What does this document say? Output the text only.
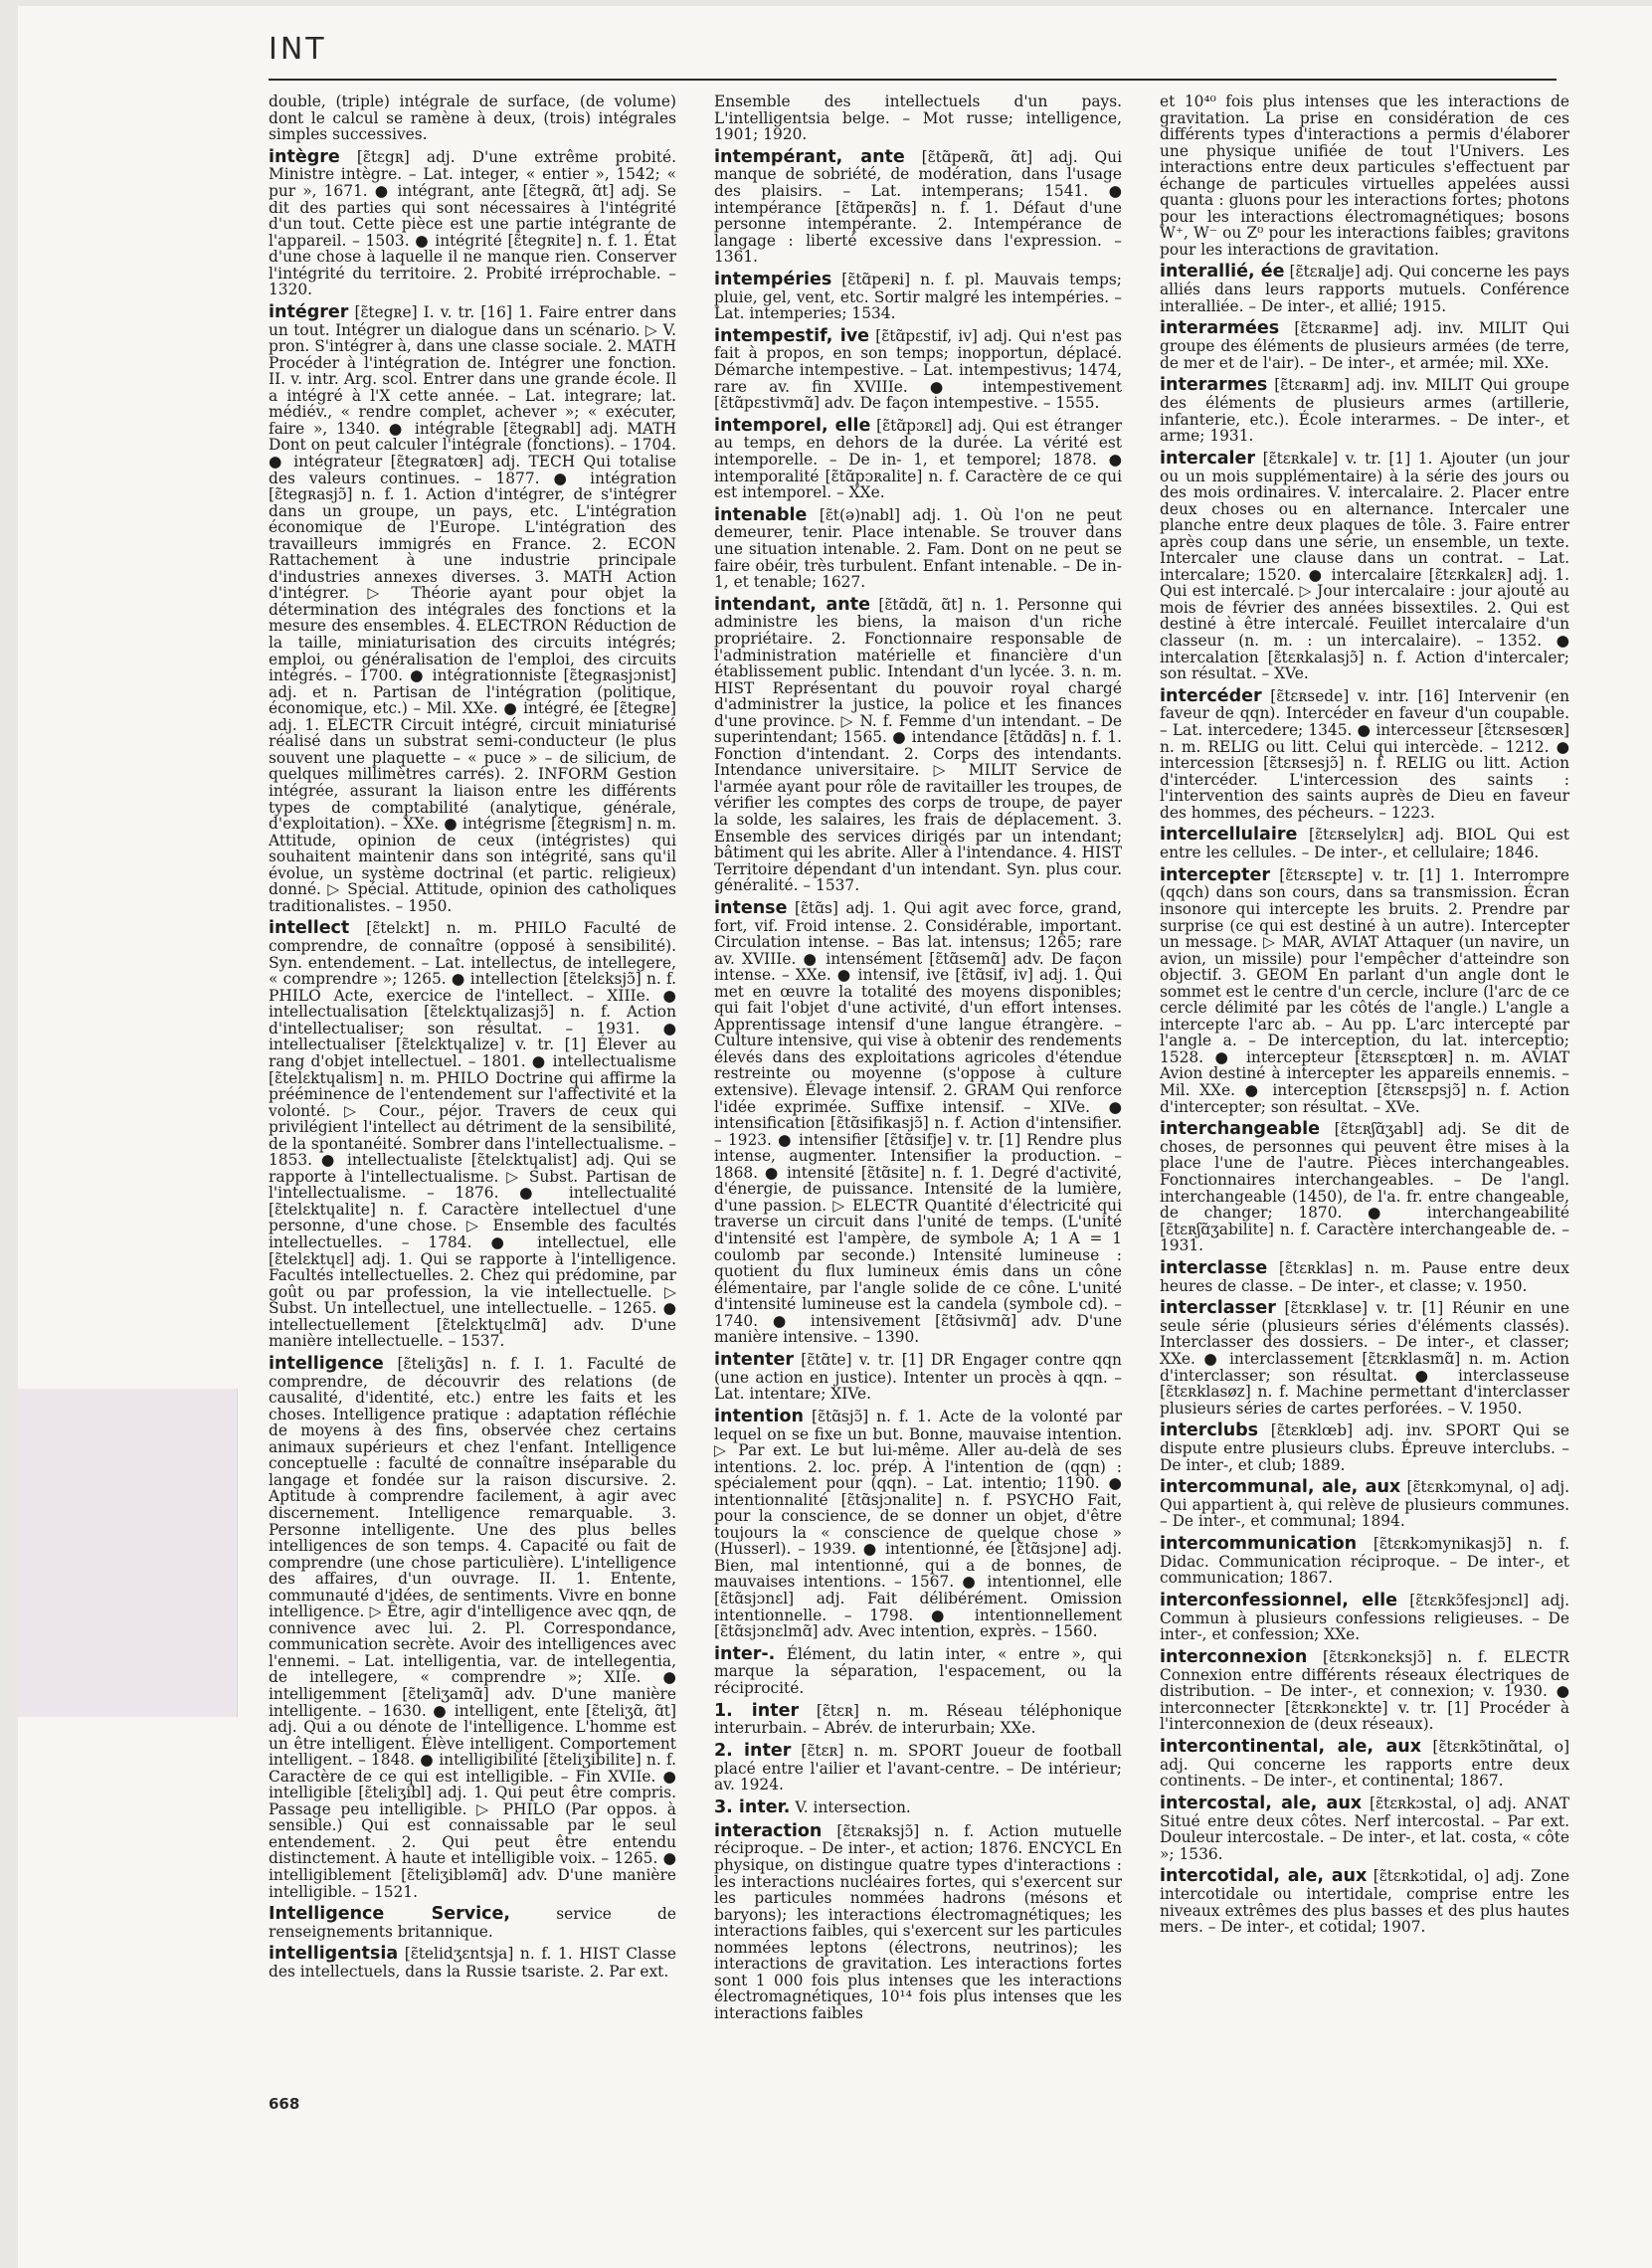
INT

double, (triple) intégrale de surface, (de volume) dont le calcul se ramène à deux, (trois) intégrales simples successives.

intègre [ɛ̃tɛgʀ] adj. D'une extrême probité. Ministre intègre. – Lat. integer, « entier », 1542; « pur », 1671. ● intégrant, ante [ɛ̃tegʀɑ̃, ɑ̃t] adj. Se dit des parties qui sont nécessaires à l'intégrité d'un tout. Cette pièce est une partie intégrante de l'appareil. – 1503. ● intégrité [ɛ̃tegʀite] n. f. 1. État d'une chose à laquelle il ne manque rien. Conserver l'intégrité du territoire. 2. Probité irréprochable. – 1320.

intégrer [ɛ̃tegʀe] I. v. tr. [16] 1. Faire entrer dans un tout. Intégrer un dialogue dans un scénario. ▷ V. pron. S'intégrer à, dans une classe sociale. 2. MATH Procéder à l'intégration de. Intégrer une fonction. II. v. intr. Arg. scol. Entrer dans une grande école. Il a intégré à l'X cette année. – Lat. integrare; lat. médiév., « rendre complet, achever »; « exécuter, faire », 1340. ● intégrable [ɛ̃tegʀabl] adj. MATH Dont on peut calculer l'intégrale (fonctions). – 1704. ● intégrateur [ɛ̃tegʀatœʀ] adj. TECH Qui totalise des valeurs continues. – 1877. ● intégration [ɛ̃tegʀasjɔ̃] n. f. 1. Action d'intégrer, de s'intégrer dans un groupe, un pays, etc. L'intégration économique de l'Europe. L'intégration des travailleurs immigrés en France. 2. ECON Rattachement à une industrie principale d'industries annexes diverses. 3. MATH Action d'intégrer. ▷ Théorie ayant pour objet la détermination des intégrales des fonctions et la mesure des ensembles. 4. ELECTRON Réduction de la taille, miniaturisation des circuits intégrés; emploi, ou généralisation de l'emploi, des circuits intégrés. – 1700. ● intégrationniste [ɛ̃tegʀasjɔnist] adj. et n. Partisan de l'intégration (politique, économique, etc.) – Mil. XXe. ● intégré, ée [ɛ̃tegʀe] adj. 1. ELECTR Circuit intégré, circuit miniaturisé réalisé dans un substrat semi-conducteur (le plus souvent une plaquette – « puce » – de silicium, de quelques millimètres carrés). 2. INFORM Gestion intégrée, assurant la liaison entre les différents types de comptabilité (analytique, générale, d'exploitation). – XXe. ● intégrisme [ɛ̃tegʀism] n. m. Attitude, opinion de ceux (intégristes) qui souhaitent maintenir dans son intégrité, sans qu'il évolue, un système doctrinal (et partic. religieux) donné. ▷ Spécial. Attitude, opinion des catholiques traditionalistes. – 1950.

intellect [ɛ̃telɛkt] n. m. PHILO Faculté de comprendre, de connaître (opposé à sensibilité). Syn. entendement. – Lat. intellectus, de intellegere, « comprendre »; 1265. ● intellection [ɛ̃telɛksjɔ̃] n. f. PHILO Acte, exercice de l'intellect. – XIIIe. ● intellectualisation [ɛ̃telɛktɥalizasjɔ̃] n. f. Action d'intellectualiser; son résultat. – 1931. ● intellectualiser [ɛ̃telɛktɥalize] v. tr. [1] Élever au rang d'objet intellectuel. – 1801. ● intellectualisme [ɛ̃telɛktɥalism] n. m. PHILO Doctrine qui affirme la prééminence de l'entendement sur l'affectivité et la volonté. ▷ Cour., péjor. Travers de ceux qui privilégient l'intellect au détriment de la sensibilité, de la spontanéité. Sombrer dans l'intellectualisme. – 1853. ● intellectualiste [ɛ̃telɛktɥalist] adj. Qui se rapporte à l'intellectualisme. ▷ Subst. Partisan de l'intellectualisme. – 1876. ● intellectualité [ɛ̃telɛktɥalite] n. f. Caractère intellectuel d'une personne, d'une chose. ▷ Ensemble des facultés intellectuelles. – 1784. ● intellectuel, elle [ɛ̃telɛktɥɛl] adj. 1. Qui se rapporte à l'intelligence. Facultés intellectuelles. 2. Chez qui prédomine, par goût ou par profession, la vie intellectuelle. ▷ Subst. Un intellectuel, une intellectuelle. – 1265. ● intellectuellement [ɛ̃telɛktɥɛlmɑ̃] adv. D'une manière intellectuelle. – 1537.

intelligence [ɛ̃teliʒɑ̃s] n. f. I. 1. Faculté de comprendre, de découvrir des relations (de causalité, d'identité, etc.) entre les faits et les choses. Intelligence pratique : adaptation réfléchie de moyens à des fins, observée chez certains animaux supérieurs et chez l'enfant. Intelligence conceptuelle : faculté de connaître inséparable du langage et fondée sur la raison discursive. 2. Aptitude à comprendre facilement, à agir avec discernement. Intelligence remarquable. 3. Personne intelligente. Une des plus belles intelligences de son temps. 4. Capacité ou fait de comprendre (une chose particulière). L'intelligence des affaires, d'un ouvrage. II. 1. Entente, communauté d'idées, de sentiments. Vivre en bonne intelligence. ▷ Être, agir d'intelligence avec qqn, de connivence avec lui. 2. Pl. Correspondance, communication secrète. Avoir des intelligences avec l'ennemi. – Lat. intelligentia, var. de intellegentia, de intellegere, « comprendre »; XIIe. ● intelligemment [ɛ̃teliʒamɑ̃] adv. D'une manière intelligente. – 1630. ● intelligent, ente [ɛ̃teliʒɑ̃, ɑ̃t] adj. Qui a ou dénote de l'intelligence. L'homme est un être intelligent. Élève intelligent. Comportement intelligent. – 1848. ● intelligibilité [ɛ̃teliʒibilite] n. f. Caractère de ce qui est intelligible. – Fin XVIIe. ● intelligible [ɛ̃teliʒibl] adj. 1. Qui peut être compris. Passage peu intelligible. ▷ PHILO (Par oppos. à sensible.) Qui est connaissable par le seul entendement. 2. Qui peut être entendu distinctement. À haute et intelligible voix. – 1265. ● intelligiblement [ɛ̃teliʒibləmɑ̃] adv. D'une manière intelligible. – 1521.

Intelligence Service,	service de renseignements britannique.

intelligentsia [ɛ̃telidʒɛntsja] n. f. 1. HIST Classe des intellectuels, dans la Russie tsariste. 2. Par ext.

Ensemble des intellectuels d'un pays. L'intelligentsia belge. – Mot russe; intelligence, 1901; 1920.

intempérant, ante [ɛ̃tɑ̃peʀɑ̃, ɑ̃t] adj. Qui manque de sobriété, de modération, dans l'usage des plaisirs. – Lat. intemperans; 1541. ● intempérance [ɛ̃tɑ̃peʀɑ̃s] n. f. 1. Défaut d'une personne intempérante. 2. Intempérance de langage : liberté excessive dans l'expression. – 1361.

intempéries [ɛ̃tɑ̃peʀi] n. f. pl. Mauvais temps; pluie, gel, vent, etc. Sortir malgré les intempéries. – Lat. intemperies; 1534.

intempestif, ive [ɛ̃tɑ̃pɛstif, iv] adj. Qui n'est pas fait à propos, en son temps; inopportun, déplacé. Démarche intempestive. – Lat. intempestivus; 1474, rare av. fin XVIIIe. ● intempestivement [ɛ̃tɑ̃pɛstivmɑ̃] adv. De façon intempestive. – 1555.

intemporel, elle [ɛ̃tɑ̃pɔʀɛl] adj. Qui est étranger au temps, en dehors de la durée. La vérité est intemporelle. – De in- 1, et temporel; 1878. ● intemporalité [ɛ̃tɑ̃pɔʀalite] n. f. Caractère de ce qui est intemporel. – XXe.

intenable [ɛ̃t(ə)nabl] adj. 1. Où l'on ne peut demeurer, tenir. Place intenable. Se trouver dans une situation intenable. 2. Fam. Dont on ne peut se faire obéir, très turbulent. Enfant intenable. – De in- 1, et tenable; 1627.

intendant, ante [ɛ̃tɑ̃dɑ̃, ɑ̃t] n. 1. Personne qui administre les biens, la maison d'un riche propriétaire. 2. Fonctionnaire responsable de l'administration matérielle et financière d'un établissement public. Intendant d'un lycée. 3. n. m. HIST Représentant du pouvoir royal chargé d'administrer la justice, la police et les finances d'une province. ▷ N. f. Femme d'un intendant. – De superintendant; 1565. ● intendance [ɛ̃tɑ̃dɑ̃s] n. f. 1. Fonction d'intendant. 2. Corps des intendants. Intendance universitaire. ▷ MILIT Service de l'armée ayant pour rôle de ravitailler les troupes, de vérifier les comptes des corps de troupe, de payer la solde, les salaires, les frais de déplacement. 3. Ensemble des services dirigés par un intendant; bâtiment qui les abrite. Aller à l'intendance. 4. HIST Territoire dépendant d'un intendant. Syn. plus cour. généralité. – 1537.

intense [ɛ̃tɑ̃s] adj. 1. Qui agit avec force, grand, fort, vif. Froid intense. 2. Considérable, important. Circulation intense. – Bas lat. intensus; 1265; rare av. XVIIIe. ● intensément [ɛ̃tɑ̃semɑ̃] adv. De façon intense. – XXe. ● intensif, ive [ɛ̃tɑ̃sif, iv] adj. 1. Qui met en œuvre la totalité des moyens disponibles; qui fait l'objet d'une activité, d'un effort intenses. Apprentissage intensif d'une langue étrangère. – Culture intensive, qui vise à obtenir des rendements élevés dans des exploitations agricoles d'étendue restreinte ou moyenne (s'oppose à culture extensive). Élevage intensif. 2. GRAM Qui renforce l'idée exprimée. Suffixe intensif. – XIVe. ● intensification [ɛ̃tɑ̃sifikasjɔ̃] n. f. Action d'intensifier. – 1923. ● intensifier [ɛ̃tɑ̃sifje] v. tr. [1] Rendre plus intense, augmenter. Intensifier la production. – 1868. ● intensité [ɛ̃tɑ̃site] n. f. 1. Degré d'activité, d'énergie, de puissance. Intensité de la lumière, d'une passion. ▷ ELECTR Quantité d'électricité qui traverse un circuit dans l'unité de temps. (L'unité d'intensité est l'ampère, de symbole A; 1 A = 1 coulomb par seconde.) Intensité lumineuse : quotient du flux lumineux émis dans un cône élémentaire, par l'angle solide de ce cône. L'unité d'intensité lumineuse est la candela (symbole cd). – 1740. ● intensivement [ɛ̃tɑ̃sivmɑ̃] adv. D'une manière intensive. – 1390.

intenter [ɛ̃tɑ̃te] v. tr. [1] DR Engager contre qqn (une action en justice). Intenter un procès à qqn. – Lat. intentare; XIVe.

intention [ɛ̃tɑ̃sjɔ̃] n. f. 1. Acte de la volonté par lequel on se fixe un but. Bonne, mauvaise intention. ▷ Par ext. Le but lui-même. Aller au-delà de ses intentions. 2. loc. prép. À l'intention de (qqn) : spécialement pour (qqn). – Lat. intentio; 1190. ● intentionnalité [ɛ̃tɑ̃sjɔnalite] n. f. PSYCHO Fait, pour la conscience, de se donner un objet, d'être toujours la « conscience de quelque chose » (Husserl). – 1939. ● intentionné, ée [ɛ̃tɑ̃sjɔne] adj. Bien, mal intentionné, qui a de bonnes, de mauvaises intentions. – 1567. ● intentionnel, elle [ɛ̃tɑ̃sjɔnɛl] adj. Fait délibérément. Omission intentionnelle. – 1798. ● intentionnellement [ɛ̃tɑ̃sjɔnɛlmɑ̃] adv. Avec intention, exprès. – 1560.

inter-. Élément, du latin inter, « entre », qui marque la séparation, l'espacement, ou la réciprocité.

1. inter [ɛ̃tɛʀ] n. m. Réseau téléphonique interurbain. – Abrév. de interurbain; XXe.

2. inter [ɛ̃tɛʀ] n. m. SPORT Joueur de football placé entre l'ailier et l'avant-centre. – De intérieur; av. 1924.

3. inter. V. intersection.

interaction [ɛ̃tɛʀaksjɔ̃] n. f. Action mutuelle réciproque. – De inter-, et action; 1876. ENCYCL En physique, on distingue quatre types d'interactions : les interactions nucléaires fortes, qui s'exercent sur les particules nommées hadrons (mésons et baryons); les interactions électromagnétiques; les interactions faibles, qui s'exercent sur les particules nommées leptons (électrons, neutrinos); les interactions de gravitation. Les interactions fortes sont 1 000 fois plus intenses que les interactions électromagnétiques, 10¹⁴ fois plus intenses que les interactions faibles

et 10⁴⁰ fois plus intenses que les interactions de gravitation. La prise en considération de ces différents types d'interactions a permis d'élaborer une physique unifiée de tout l'Univers. Les interactions entre deux particules s'effectuent par échange de particules virtuelles appelées aussi quanta : gluons pour les interactions fortes; photons pour les interactions électromagnétiques; bosons W⁺, W⁻ ou Z⁰ pour les interactions faibles; gravitons pour les interactions de gravitation.

interallié, ée [ɛ̃tɛʀalje] adj. Qui concerne les pays alliés dans leurs rapports mutuels. Conférence interalliée. – De inter-, et allié; 1915.

interarmées [ɛ̃tɛʀaʀme] adj. inv. MILIT Qui groupe des éléments de plusieurs armées (de terre, de mer et de l'air). – De inter-, et armée; mil. XXe.

interarmes [ɛ̃tɛʀaʀm] adj. inv. MILIT Qui groupe des éléments de plusieurs armes (artillerie, infanterie, etc.). École interarmes. – De inter-, et arme; 1931.

intercaler [ɛ̃tɛʀkale] v. tr. [1] 1. Ajouter (un jour ou un mois supplémentaire) à la série des jours ou des mois ordinaires. V. intercalaire. 2. Placer entre deux choses ou en alternance. Intercaler une planche entre deux plaques de tôle. 3. Faire entrer après coup dans une série, un ensemble, un texte. Intercaler une clause dans un contrat. – Lat. intercalare; 1520. ● intercalaire [ɛ̃tɛʀkalɛʀ] adj. 1. Qui est intercalé. ▷ Jour intercalaire : jour ajouté au mois de février des années bissextiles. 2. Qui est destiné à être intercalé. Feuillet intercalaire d'un classeur (n. m. : un intercalaire). – 1352. ● intercalation [ɛ̃tɛʀkalasjɔ̃] n. f. Action d'intercaler; son résultat. – XVe.

intercéder [ɛ̃tɛʀsede] v. intr. [16] Intervenir (en faveur de qqn). Intercéder en faveur d'un coupable. – Lat. intercedere; 1345. ● intercesseur [ɛ̃tɛʀsesœʀ] n. m. RELIG ou litt. Celui qui intercède. – 1212. ● intercession [ɛ̃tɛʀsesjɔ̃] n. f. RELIG ou litt. Action d'intercéder. L'intercession des saints : l'intervention des saints auprès de Dieu en faveur des hommes, des pécheurs. – 1223.

intercellulaire [ɛ̃tɛʀselylɛʀ] adj. BIOL Qui est entre les cellules. – De inter-, et cellulaire; 1846.

intercepter [ɛ̃tɛʀsɛpte] v. tr. [1] 1. Interrompre (qqch) dans son cours, dans sa transmission. Écran insonore qui intercepte les bruits. 2. Prendre par surprise (ce qui est destiné à un autre). Intercepter un message. ▷ MAR, AVIAT Attaquer (un navire, un avion, un missile) pour l'empêcher d'atteindre son objectif. 3. GEOM En parlant d'un angle dont le sommet est le centre d'un cercle, inclure (l'arc de ce cercle délimité par les côtés de l'angle.) L'angle a intercepte l'arc ab. – Au pp. L'arc intercepté par l'angle a. – De interception, du lat. interceptio; 1528. ● intercepteur [ɛ̃tɛʀsɛptœʀ] n. m. AVIAT Avion destiné à intercepter les appareils ennemis. – Mil. XXe. ● interception [ɛ̃tɛʀsɛpsjɔ̃] n. f. Action d'intercepter; son résultat. – XVe.

interchangeable [ɛ̃tɛʀʃɑ̃ʒabl] adj. Se dit de choses, de personnes qui peuvent être mises à la place l'une de l'autre. Pièces interchangeables. Fonctionnaires interchangeables. – De l'angl. interchangeable (1450), de l'a. fr. entre changeable, de changer; 1870. ● interchangeabilité [ɛ̃tɛʀʃɑ̃ʒabilite] n. f. Caractère interchangeable de. – 1931.

interclasse [ɛ̃tɛʀklas] n. m. Pause entre deux heures de classe. – De inter-, et classe; v. 1950.

interclasser [ɛ̃tɛʀklase] v. tr. [1] Réunir en une seule série (plusieurs séries d'éléments classés). Interclasser des dossiers. – De inter-, et classer; XXe. ● interclassement [ɛ̃tɛʀklasmɑ̃] n. m. Action d'interclasser; son résultat. ● interclasseuse [ɛ̃tɛʀklasøz] n. f. Machine permettant d'interclasser plusieurs séries de cartes perforées. – V. 1950.

interclubs [ɛ̃tɛʀklœb] adj. inv. SPORT Qui se dispute entre plusieurs clubs. Épreuve interclubs. – De inter-, et club; 1889.

intercommunal, ale, aux [ɛ̃tɛʀkɔmynal, o] adj. Qui appartient à, qui relève de plusieurs communes. – De inter-, et communal; 1894.

intercommunication [ɛ̃tɛʀkɔmynikasjɔ̃] n. f. Didac. Communication réciproque. – De inter-, et communication; 1867.

interconfessionnel, elle [ɛ̃tɛʀkɔ̃fesjɔnɛl] adj. Commun à plusieurs confessions religieuses. – De inter-, et confession; XXe.

interconnexion [ɛ̃tɛʀkɔnɛksjɔ̃] n. f. ELECTR Connexion entre différents réseaux électriques de distribution. – De inter-, et connexion; v. 1930. ● interconnecter [ɛ̃tɛʀkɔnɛkte] v. tr. [1] Procéder à l'interconnexion de (deux réseaux).

intercontinental, ale, aux [ɛ̃tɛʀkɔ̃tinɑ̃tal, o] adj. Qui concerne les rapports entre deux continents. – De inter-, et continental; 1867.

intercostal, ale, aux [ɛ̃tɛʀkɔstal, o] adj. ANAT Situé entre deux côtes. Nerf intercostal. – Par ext. Douleur intercostale. – De inter-, et lat. costa, « côte »; 1536.

intercotidal, ale, aux [ɛ̃tɛʀkɔtidal, o] adj. Zone intercotidale ou intertidale, comprise entre les niveaux extrêmes des plus basses et des plus hautes mers. – De inter-, et cotidal; 1907.

668
